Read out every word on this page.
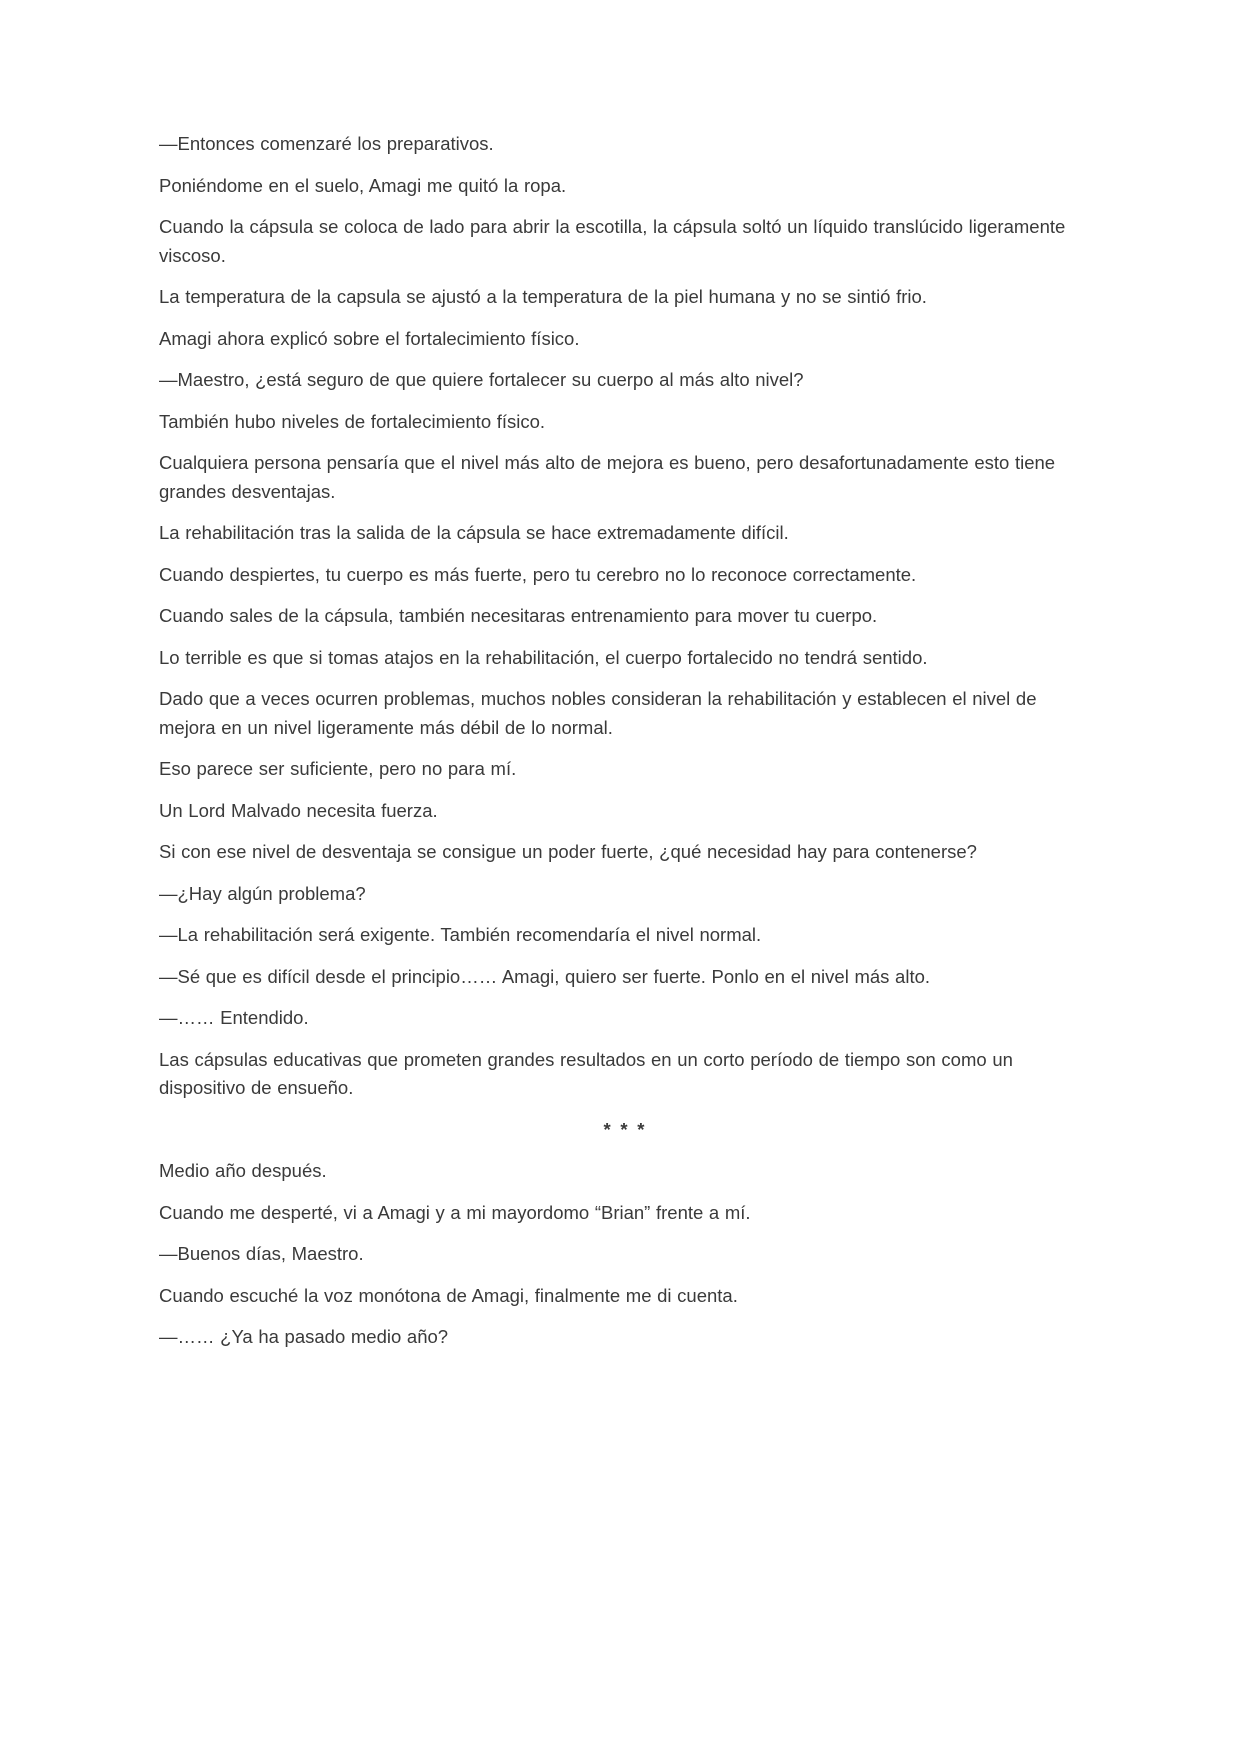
—Entonces comenzaré los preparativos.

Poniéndome en el suelo, Amagi me quitó la ropa.

Cuando la cápsula se coloca de lado para abrir la escotilla, la cápsula soltó un líquido translúcido ligeramente viscoso.

La temperatura de la capsula se ajustó a la temperatura de la piel humana y no se sintió frio.

Amagi ahora explicó sobre el fortalecimiento físico.

—Maestro, ¿está seguro de que quiere fortalecer su cuerpo al más alto nivel?

También hubo niveles de fortalecimiento físico.

Cualquiera persona pensaría que el nivel más alto de mejora es bueno, pero desafortunadamente esto tiene grandes desventajas.

La rehabilitación tras la salida de la cápsula se hace extremadamente difícil.

Cuando despiertes, tu cuerpo es más fuerte, pero tu cerebro no lo reconoce correctamente.

Cuando sales de la cápsula, también necesitaras entrenamiento para mover tu cuerpo.

Lo terrible es que si tomas atajos en la rehabilitación, el cuerpo fortalecido no tendrá sentido.

Dado que a veces ocurren problemas, muchos nobles consideran la rehabilitación y establecen el nivel de mejora en un nivel ligeramente más débil de lo normal.

Eso parece ser suficiente, pero no para mí.

Un Lord Malvado necesita fuerza.

Si con ese nivel de desventaja se consigue un poder fuerte, ¿qué necesidad hay para contenerse?

—¿Hay algún problema?

—La rehabilitación será exigente. También recomendaría el nivel normal.

—Sé que es difícil desde el principio…… Amagi, quiero ser fuerte. Ponlo en el nivel más alto.

—…… Entendido.

Las cápsulas educativas que prometen grandes resultados en un corto período de tiempo son como un dispositivo de ensueño.

* * *

Medio año después.

Cuando me desperté, vi a Amagi y a mi mayordomo “Brian” frente a mí.

—Buenos días, Maestro.

Cuando escuché la voz monótona de Amagi, finalmente me di cuenta.

—…… ¿Ya ha pasado medio año?
